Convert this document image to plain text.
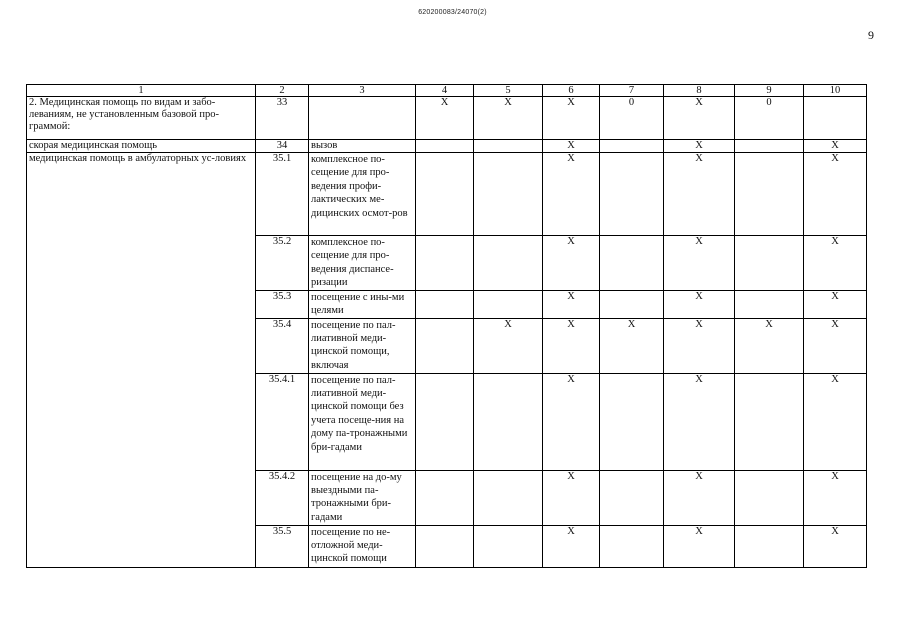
620200083/24070(2)
9
1	2	3	4	5	6	7	8	9	10
2. Медицинская помощь по видам и забо-леваниям, не установленным базовой про-граммой:	33		X	X	X	0	X	0	
скорая медицинская помощь	34	вызов			X		X		X
медицинская помощь в амбулаторных ус-ловиях	35.1	комплексное по-сещение для про-ведения профи-лактических ме-дицинских осмот-ров			X		X		X
	35.2	комплексное по-сещение для про-ведения диспансе-ризации			X		X		X
	35.3	посещение с ины-ми целями			X		X		X
	35.4	посещение по пал-лиативной меди-цинской помощи, включая		X	X	X	X	X	X
	35.4.1	посещение по пал-лиативной меди-цинской помощи без учета посеще-ния на дому па-тронажными бри-гадами			X		X		X
	35.4.2	посещение на до-му выездными па-тронажными бри-гадами			X		X		X
	35.5	посещение по не-отложной меди-цинской помощи			X		X		X
